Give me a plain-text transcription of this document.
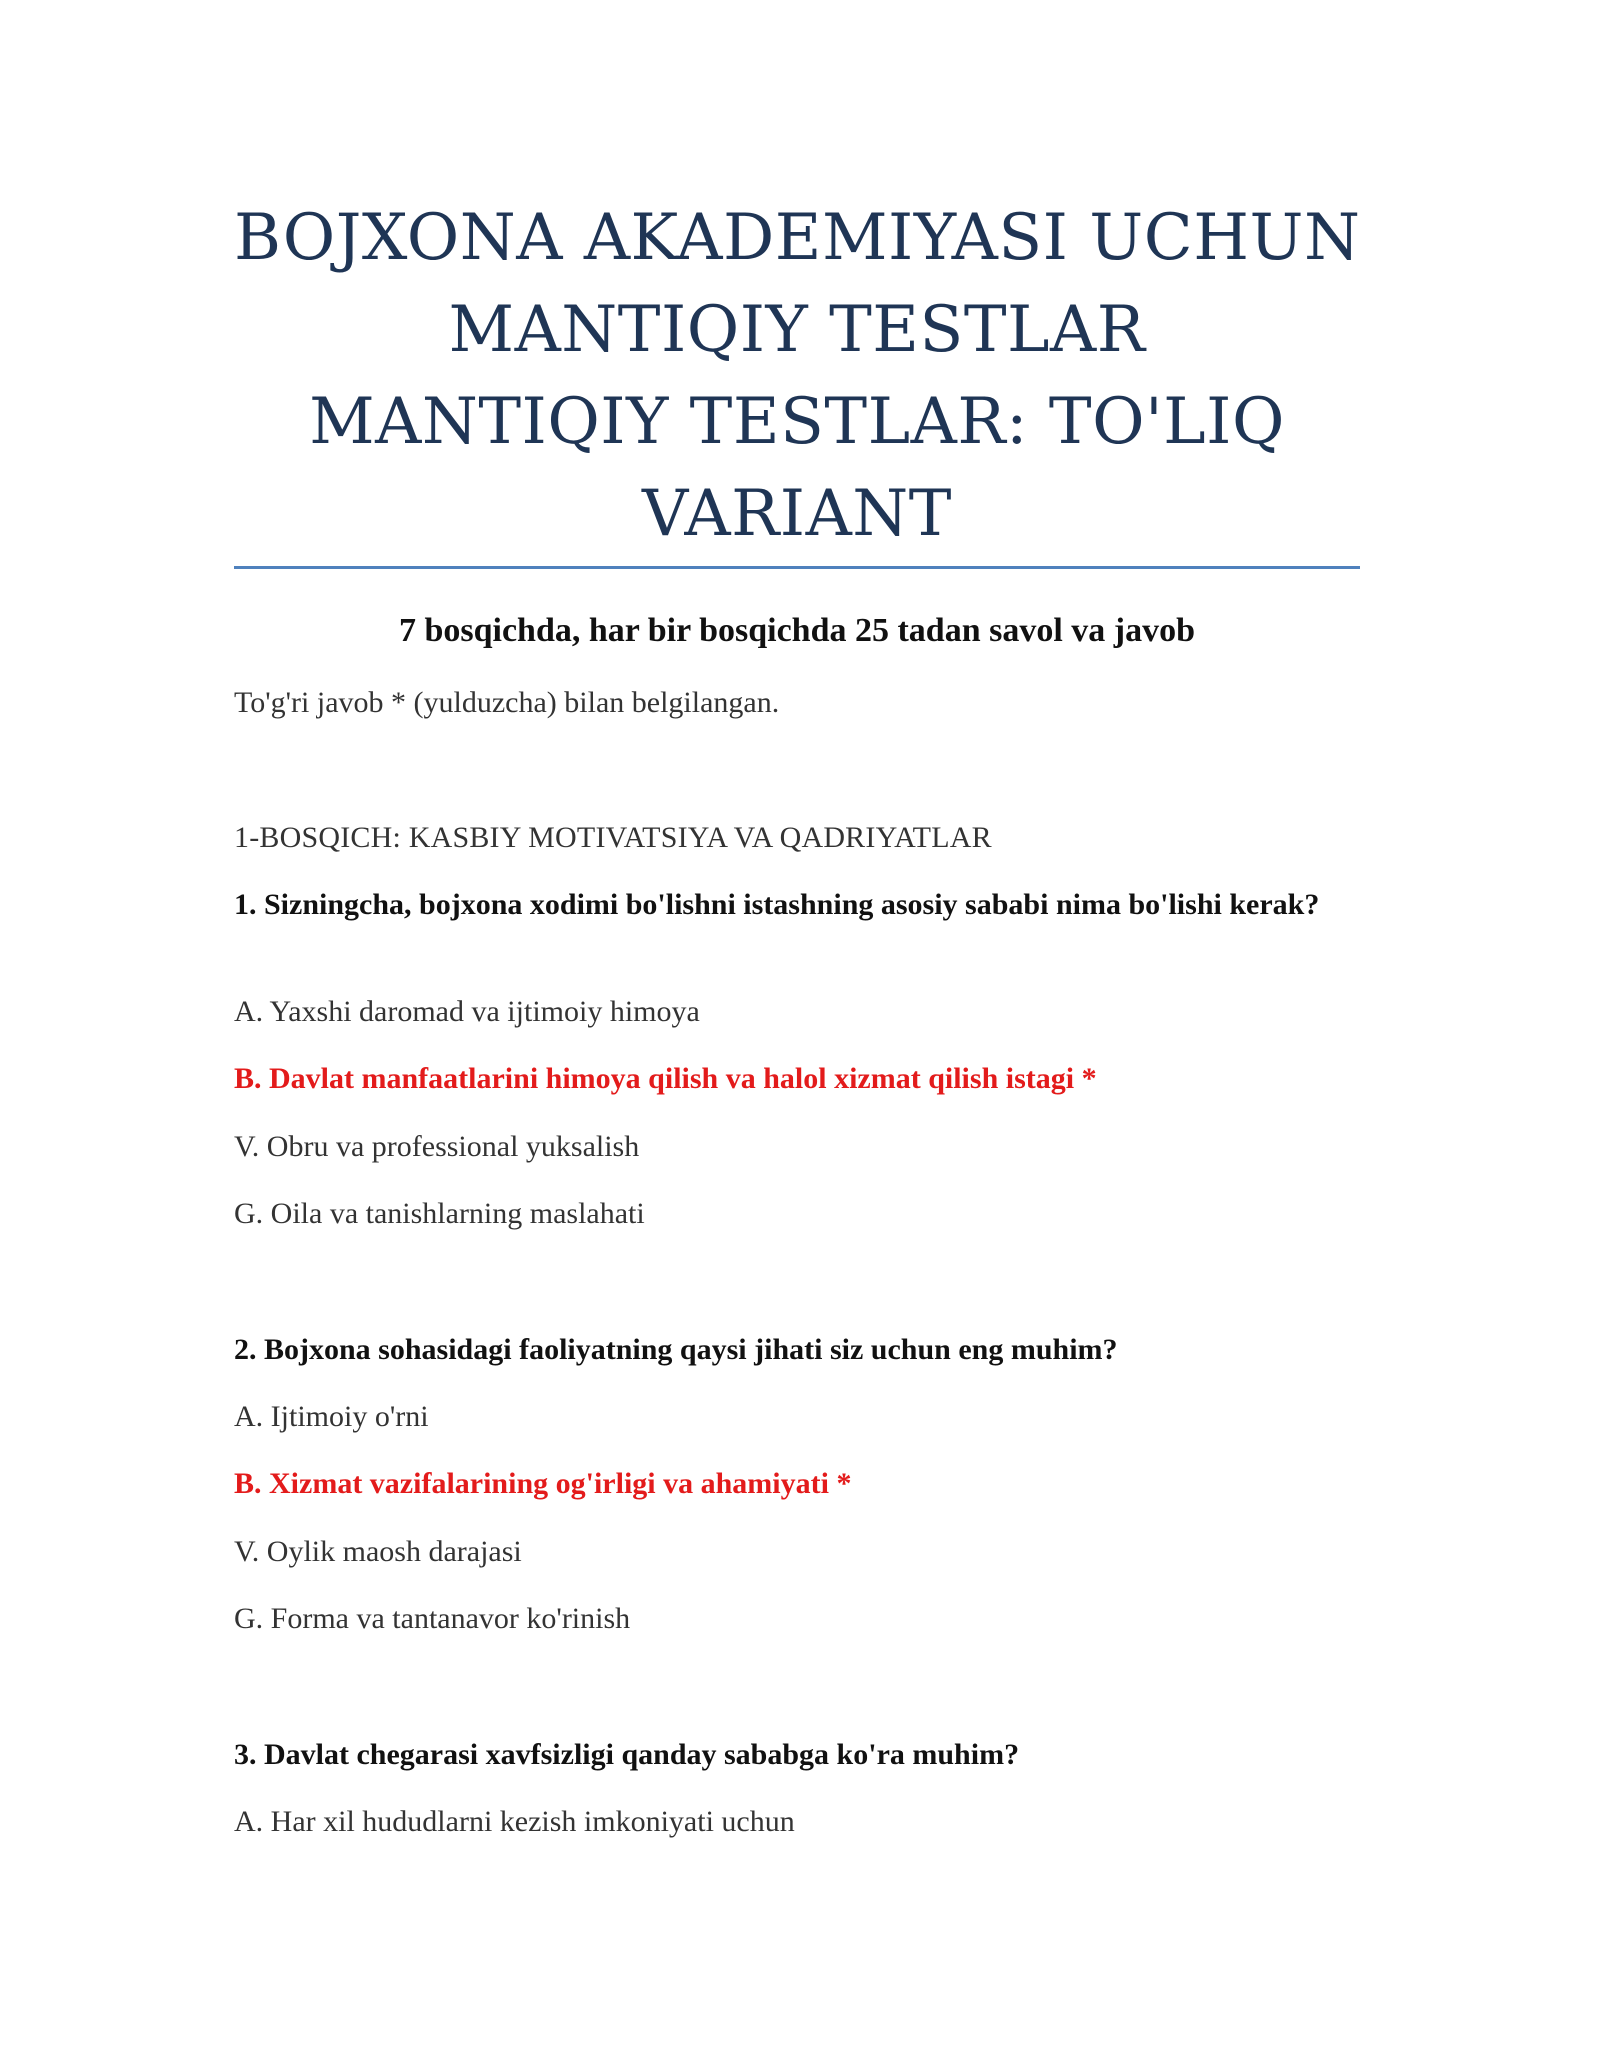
BOJXONA AKADEMIYASI UCHUN
MANTIQIY TESTLAR
MANTIQIY TESTLAR: TO'LIQ
VARIANT
7 bosqichda, har bir bosqichda 25 tadan savol va javob
To'g'ri javob * (yulduzcha) bilan belgilangan.
1-BOSQICH: KASBIY MOTIVATSIYA VA QADRIYATLAR
1. Sizningcha, bojxona xodimi bo'lishni istashning asosiy sababi nima bo'lishi kerak?
A. Yaxshi daromad va ijtimoiy himoya
B. Davlat manfaatlarini himoya qilish va halol xizmat qilish istagi *
V. Obru va professional yuksalish
G. Oila va tanishlarning maslahati
2. Bojxona sohasidagi faoliyatning qaysi jihati siz uchun eng muhim?
A. Ijtimoiy o'rni
B. Xizmat vazifalarining og'irligi va ahamiyati *
V. Oylik maosh darajasi
G. Forma va tantanavor ko'rinish
3. Davlat chegarasi xavfsizligi qanday sababga ko'ra muhim?
A. Har xil hududlarni kezish imkoniyati uchun
